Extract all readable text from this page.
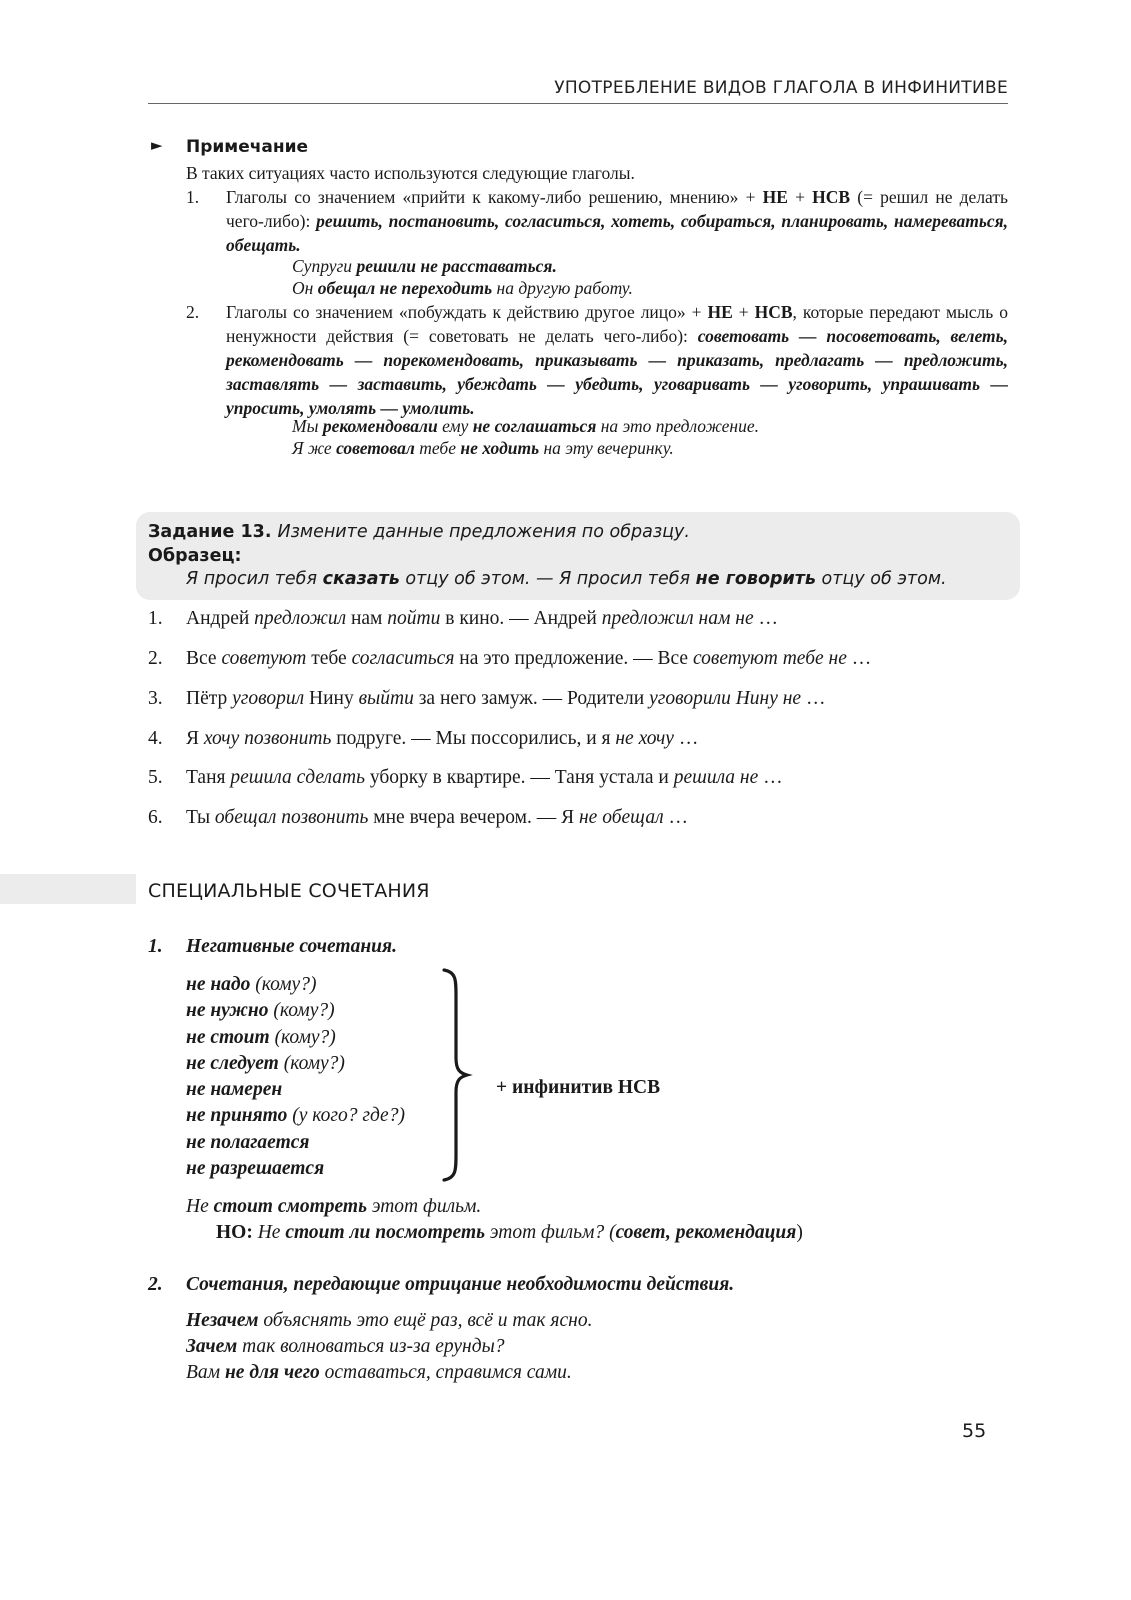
УПОТРЕБЛЕНИЕ ВИДОВ ГЛАГОЛА В ИНФИНИТИВЕ
► Примечание
В таких ситуациях часто используются следующие глаголы.
1. Глаголы со значением «прийти к какому-либо решению, мнению» + НЕ + НСВ (= решил не делать чего-либо): решить, постановить, согласиться, хотеть, собираться, планировать, намереваться, обещать.
Супруги решили не расставаться.
Он обещал не переходить на другую работу.
2. Глаголы со значением «побуждать к действию другое лицо» + НЕ + НСВ, которые передают мысль о ненужности действия (= советовать не делать чего-либо): советовать — посоветовать, велеть, рекомендовать — порекомендовать, приказывать — приказать, предлагать — предложить, заставлять — заставить, убеждать — убедить, уговаривать — уговорить, упрашивать — упросить, умолять — умолить.
Мы рекомендовали ему не соглашаться на это предложение.
Я же советовал тебе не ходить на эту вечеринку.
Задание 13. Измените данные предложения по образцу.
Образец:
Я просил тебя сказать отцу об этом. — Я просил тебя не говорить отцу об этом.
1. Андрей предложил нам пойти в кино. — Андрей предложил нам не …
2. Все советуют тебе согласиться на это предложение. — Все советуют тебе не …
3. Пётр уговорил Нину выйти за него замуж. — Родители уговорили Нину не …
4. Я хочу позвонить подруге. — Мы поссорились, и я не хочу …
5. Таня решила сделать уборку в квартире. — Таня устала и решила не …
6. Ты обещал позвонить мне вчера вечером. — Я не обещал …
СПЕЦИАЛЬНЫЕ СОЧЕТАНИЯ
1. Негативные сочетания.
не надо (кому?)
не нужно (кому?)
не стоит (кому?)
не следует (кому?)
не намерен
не принято (у кого? где?)
не полагается
не разрешается
+ инфинитив НСВ
Не стоит смотреть этот фильм.
НО: Не стоит ли посмотреть этот фильм? (совет, рекомендация)
2. Сочетания, передающие отрицание необходимости действия.
Незачем объяснять это ещё раз, всё и так ясно.
Зачем так волноваться из-за ерунды?
Вам не для чего оставаться, справимся сами.
55
